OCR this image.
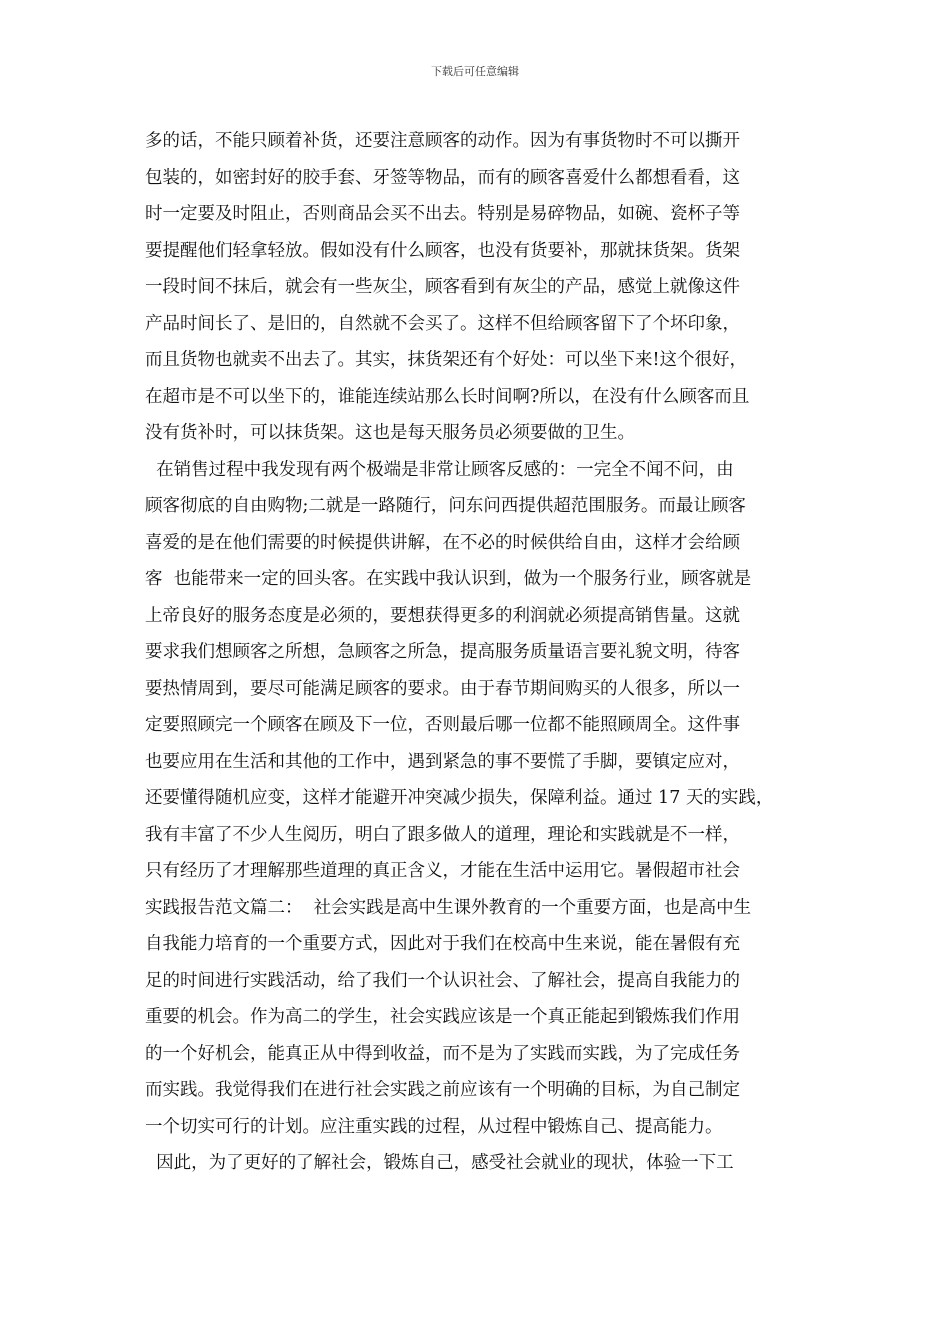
下载后可任意编辑
多的话，不能只顾着补货，还要注意顾客的动作。因为有事货物时不可以撕开
包装的，如密封好的胶手套、牙签等物品，而有的顾客喜爱什么都想看看，这
时一定要及时阻止，否则商品会买不出去。特别是易碎物品，如碗、瓷杯子等
要提醒他们轻拿轻放。假如没有什么顾客，也没有货要补，那就抹货架。货架
一段时间不抹后，就会有一些灰尘，顾客看到有灰尘的产品，感觉上就像这件
产品时间长了、是旧的，自然就不会买了。这样不但给顾客留下了个坏印象，
而且货物也就卖不出去了。其实，抹货架还有个好处：可以坐下来!这个很好，
在超市是不可以坐下的，谁能连续站那么长时间啊?所以，在没有什么顾客而且
没有货补时，可以抹货架。这也是每天服务员必须要做的卫生。
在销售过程中我发现有两个极端是非常让顾客反感的：一完全不闻不问，由
顾客彻底的自由购物;二就是一路随行，问东问西提供超范围服务。而最让顾客
喜爱的是在他们需要的时候提供讲解，在不必的时候供给自由，这样才会给顾
客  也能带来一定的回头客。在实践中我认识到，做为一个服务行业，顾客就是
上帝良好的服务态度是必须的，要想获得更多的利润就必须提高销售量。这就
要求我们想顾客之所想，急顾客之所急，提高服务质量语言要礼貌文明，待客
要热情周到，要尽可能满足顾客的要求。由于春节期间购买的人很多，所以一
定要照顾完一个顾客在顾及下一位，否则最后哪一位都不能照顾周全。这件事
也要应用在生活和其他的工作中，遇到紧急的事不要慌了手脚，要镇定应对，
还要懂得随机应变，这样才能避开冲突减少损失，保障利益。通过 17 天的实践，
我有丰富了不少人生阅历，明白了跟多做人的道理，理论和实践就是不一样，
只有经历了才理解那些道理的真正含义，才能在生活中运用它。暑假超市社会
实践报告范文篇二：  社会实践是高中生课外教育的一个重要方面，也是高中生
自我能力培育的一个重要方式，因此对于我们在校高中生来说，能在暑假有充
足的时间进行实践活动，给了我们一个认识社会、了解社会，提高自我能力的
重要的机会。作为高二的学生，社会实践应该是一个真正能起到锻炼我们作用
的一个好机会，能真正从中得到收益，而不是为了实践而实践，为了完成任务
而实践。我觉得我们在进行社会实践之前应该有一个明确的目标，为自己制定
一个切实可行的计划。应注重实践的过程，从过程中锻炼自己、提高能力。
因此，为了更好的了解社会，锻炼自己，感受社会就业的现状，体验一下工
